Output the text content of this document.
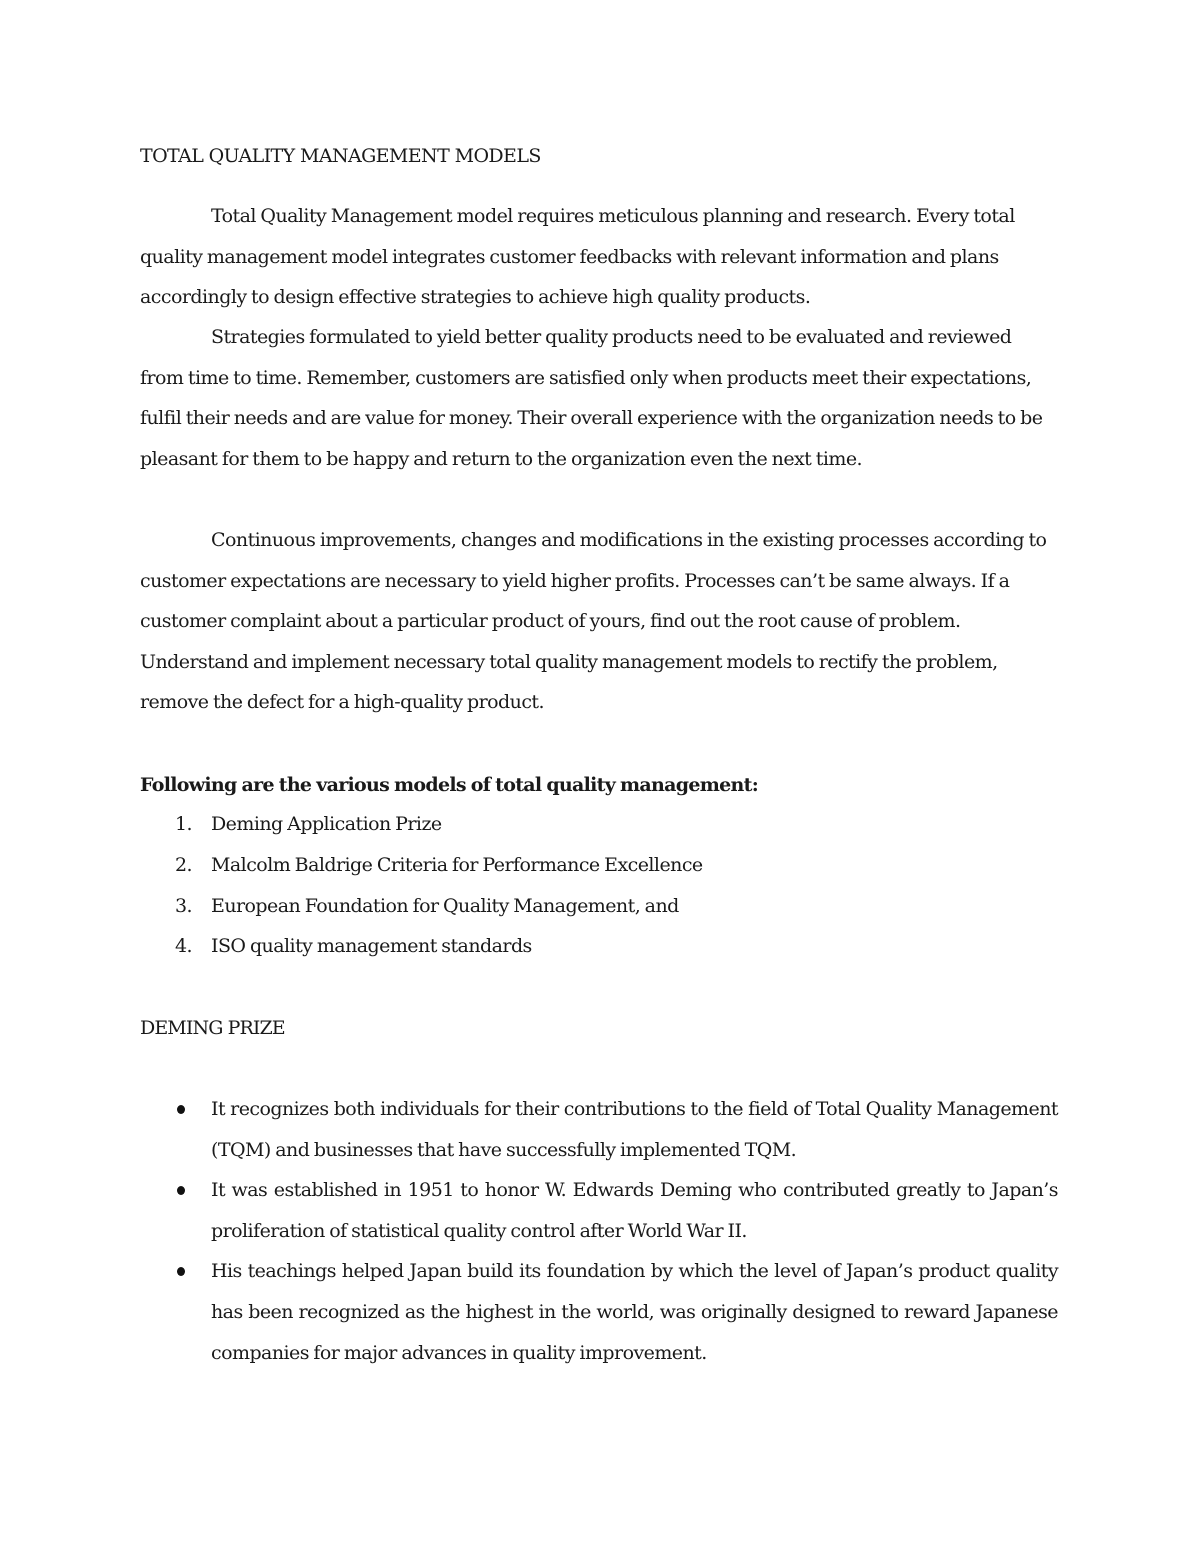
TOTAL QUALITY MANAGEMENT MODELS

Total Quality Management model requires meticulous planning and research. Every total quality management model integrates customer feedbacks with relevant information and plans accordingly to design effective strategies to achieve high quality products.

Strategies formulated to yield better quality products need to be evaluated and reviewed from time to time. Remember, customers are satisfied only when products meet their expectations, fulfil their needs and are value for money. Their overall experience with the organization needs to be pleasant for them to be happy and return to the organization even the next time.

Continuous improvements, changes and modifications in the existing processes according to customer expectations are necessary to yield higher profits. Processes can’t be same always. If a customer complaint about a particular product of yours, find out the root cause of problem. Understand and implement necessary total quality management models to rectify the problem, remove the defect for a high-quality product.

Following are the various models of total quality management:
1. Deming Application Prize
2. Malcolm Baldrige Criteria for Performance Excellence
3. European Foundation for Quality Management, and
4. ISO quality management standards
DEMING PRIZE
It recognizes both individuals for their contributions to the field of Total Quality Management (TQM) and businesses that have successfully implemented TQM.
It was established in 1951 to honor W. Edwards Deming who contributed greatly to Japan’s proliferation of statistical quality control after World War II.
His teachings helped Japan build its foundation by which the level of Japan’s product quality has been recognized as the highest in the world, was originally designed to reward Japanese companies for major advances in quality improvement.
